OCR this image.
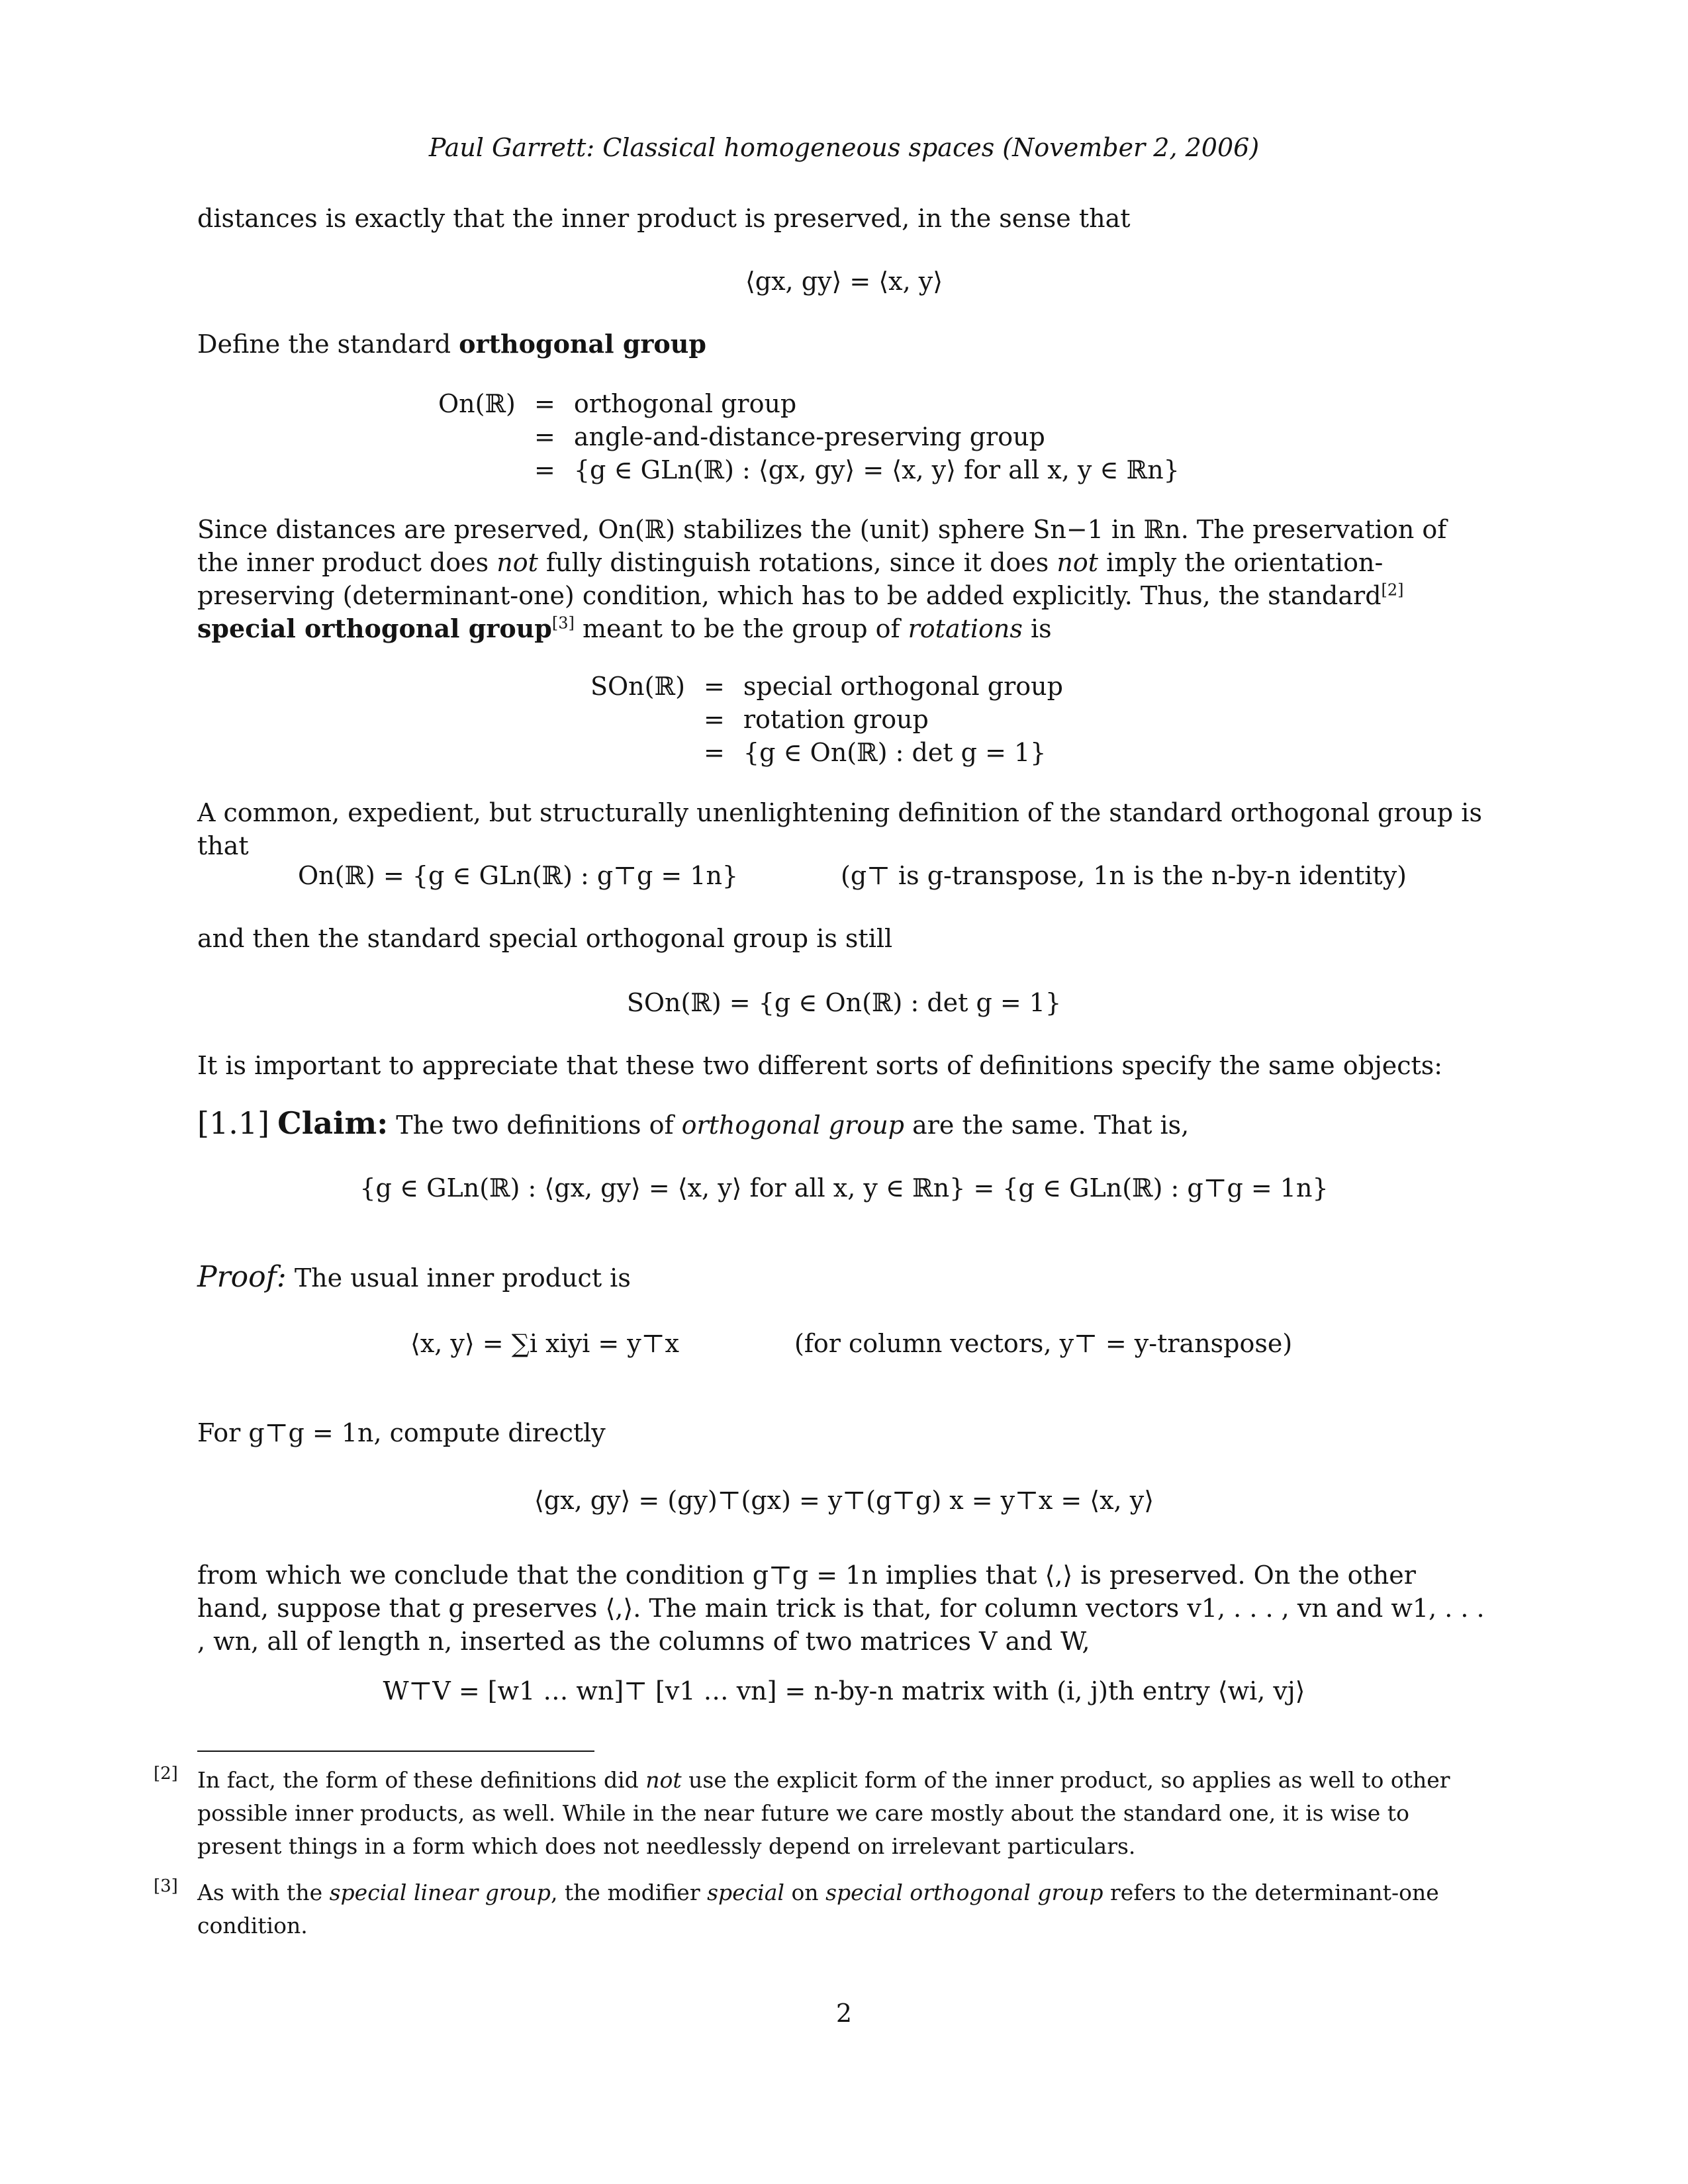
Paul Garrett: Classical homogeneous spaces (November 2, 2006)

distances is exactly that the inner product is preserved, in the sense that

⟨gx, gy⟩ = ⟨x, y⟩

Define the standard orthogonal group

On(ℝ)	=	orthogonal group
	=	angle-and-distance-preserving group
	=	{g ∈ GLn(ℝ) : ⟨gx, gy⟩ = ⟨x, y⟩ for all x, y ∈ ℝn}

Since distances are preserved, On(ℝ) stabilizes the (unit) sphere Sn−1 in ℝn. The preservation of the inner product does not fully distinguish rotations, since it does not imply the orientation-preserving (determinant-one) condition, which has to be added explicitly. Thus, the standard[2] special orthogonal group[3] meant to be the group of rotations is

SOn(ℝ)	=	special orthogonal group
	=	rotation group
	=	{g ∈ On(ℝ) : det g = 1}

A common, expedient, but structurally unenlightening definition of the standard orthogonal group is that

On(ℝ) = {g ∈ GLn(ℝ) : g⊤g = 1n}	(g⊤ is g-transpose, 1n is the n-by-n identity)

and then the standard special orthogonal group is still

SOn(ℝ) = {g ∈ On(ℝ) : det g = 1}

It is important to appreciate that these two different sorts of definitions specify the same objects:

[1.1] Claim: The two definitions of orthogonal group are the same. That is,

{g ∈ GLn(ℝ) : ⟨gx, gy⟩ = ⟨x, y⟩ for all x, y ∈ ℝn} = {g ∈ GLn(ℝ) : g⊤g = 1n}

Proof: The usual inner product is

⟨x, y⟩ = ∑i xiyi = y⊤x	(for column vectors, y⊤ = y-transpose)

For g⊤g = 1n, compute directly

⟨gx, gy⟩ = (gy)⊤(gx) = y⊤(g⊤g) x = y⊤x = ⟨x, y⟩

from which we conclude that the condition g⊤g = 1n implies that ⟨,⟩ is preserved. On the other hand, suppose that g preserves ⟨,⟩. The main trick is that, for column vectors v1, . . . , vn and w1, . . . , wn, all of length n, inserted as the columns of two matrices V and W,

W⊤V = [w1 … wn]⊤ [v1 … vn] = n-by-n matrix with (i, j)th entry ⟨wi, vj⟩

[2] In fact, the form of these definitions did not use the explicit form of the inner product, so applies as well to other possible inner products, as well. While in the near future we care mostly about the standard one, it is wise to present things in a form which does not needlessly depend on irrelevant particulars.
[3] As with the special linear group, the modifier special on special orthogonal group refers to the determinant-one condition.
2
